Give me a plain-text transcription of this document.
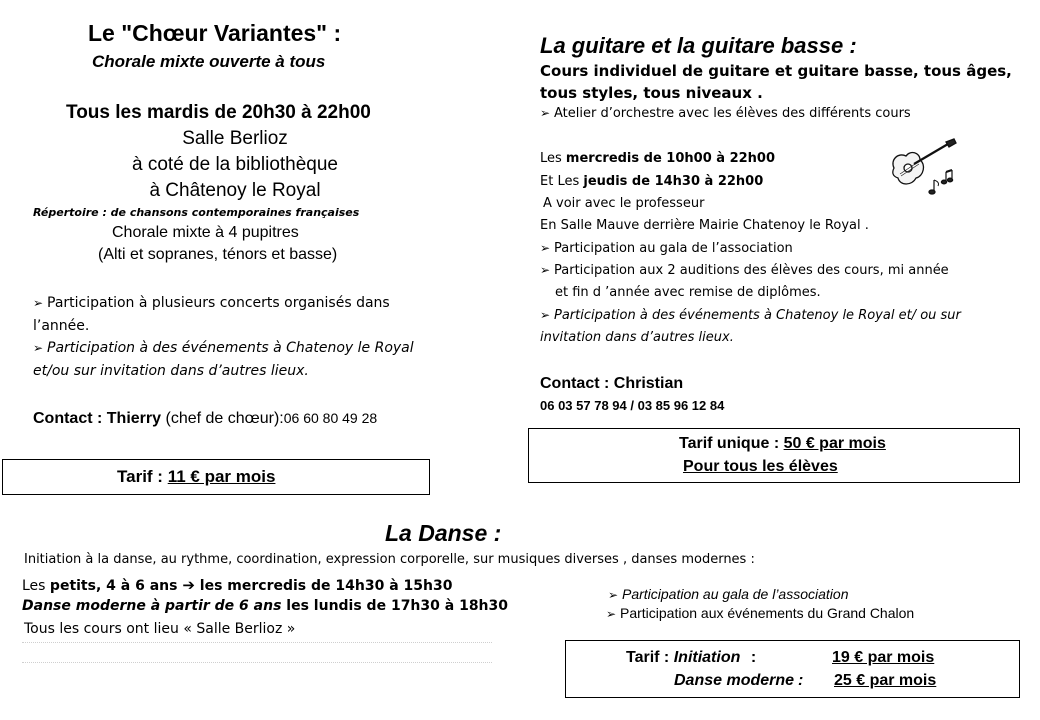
Le "Chœur Variantes" :
Chorale mixte ouverte à tous
Tous les mardis de 20h30 à 22h00
Salle Berlioz
à coté de la bibliothèque
à Châtenoy le Royal
Répertoire : de chansons contemporaines françaises
Chorale mixte à 4 pupitres
(Alti et sopranes, ténors et basse)
➢ Participation à plusieurs concerts organisés dans
l’année.
➢ Participation à des événements à Chatenoy le Royal
et/ou sur invitation dans d’autres lieux.
Contact : Thierry (chef de chœur):06 60 80 49 28
Tarif : 11 € par mois
La guitare et la guitare basse :
Cours individuel de guitare et guitare basse, tous âges,
tous styles, tous niveaux .
➢ Atelier d’orchestre avec les élèves des différents cours
Les mercredis de 10h00 à 22h00
Et Les jeudis de 14h30 à 22h00
A voir avec le professeur
En Salle Mauve derrière Mairie Chatenoy le Royal .
➢ Participation au gala de l’association
➢ Participation aux 2 auditions des élèves des cours, mi année
et fin d ’année avec remise de diplômes.
➢ Participation à des événements à Chatenoy le Royal et/ ou sur
invitation dans d’autres lieux.
Contact : Christian
06 03 57 78 94 / 03 85 96 12 84
Tarif unique : 50 € par mois
Pour tous les élèves
La Danse :
Initiation à la danse, au rythme, coordination, expression corporelle, sur musiques diverses , danses modernes :
Les petits, 4 à 6 ans ➔ les mercredis de 14h30 à 15h30
Danse moderne à partir de 6 ans les lundis de 17h30 à 18h30
Tous les cours ont lieu « Salle Berlioz »
➢ Participation au gala de l’association
➢ Participation aux événements du Grand Chalon
Tarif : Initiation :	19 € par mois
Danse moderne : 25 € par mois
